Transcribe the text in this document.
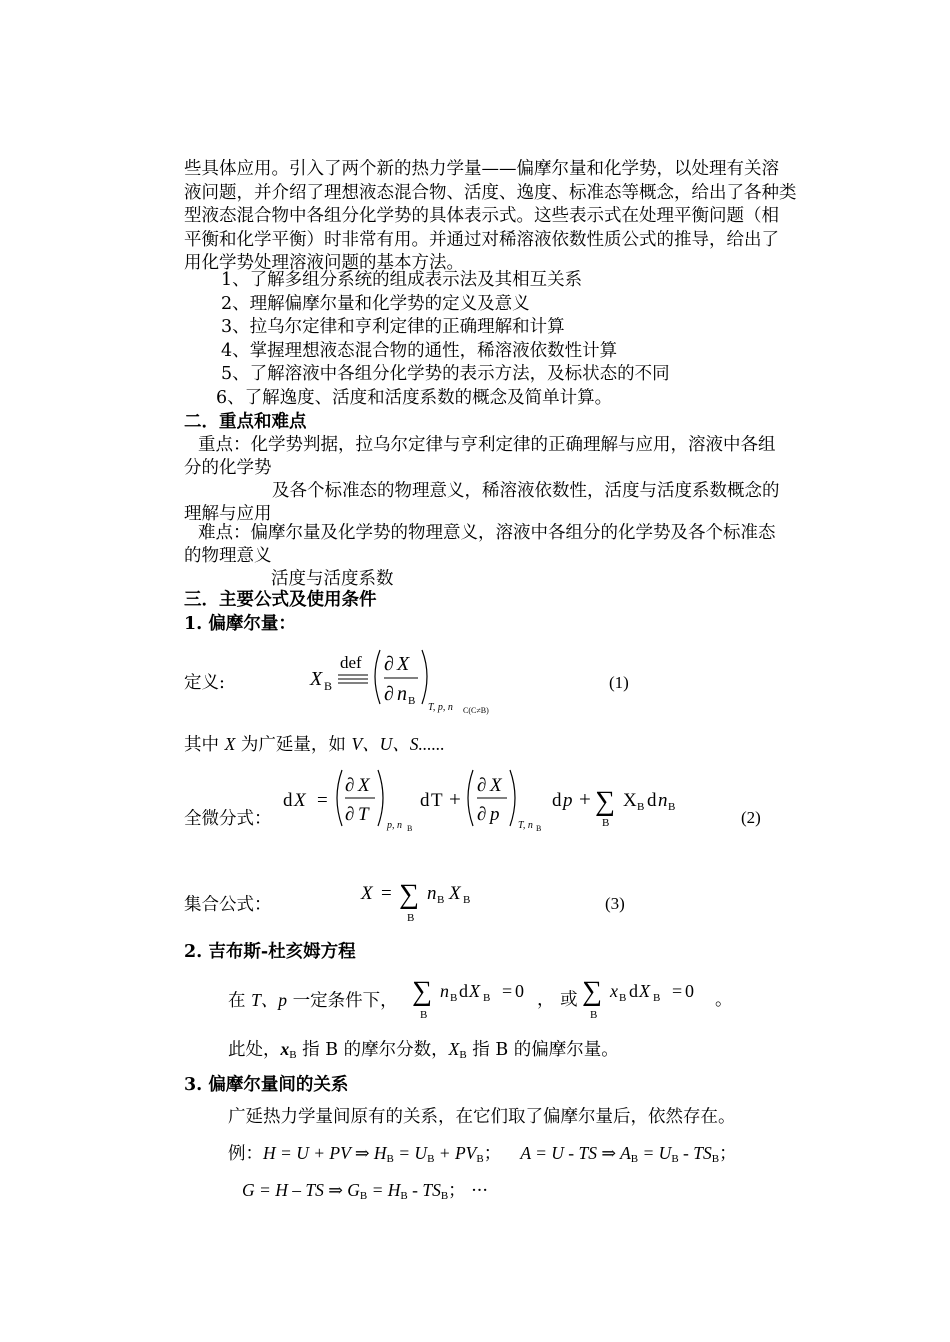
些具体应用。引入了两个新的热力学量——偏摩尔量和化学势，以处理有关溶
液问题，并介绍了理想液态混合物、活度、逸度、标准态等概念，给出了各种类
型液态混合物中各组分化学势的具体表示式。这些表示式在处理平衡问题（相
平衡和化学平衡）时非常有用。并通过对稀溶液依数性质公式的推导，给出了
用化学势处理溶液问题的基本方法。
1、了解多组分系统的组成表示法及其相互关系
2、理解偏摩尔量和化学势的定义及意义
3、拉乌尔定律和亨利定律的正确理解和计算
4、掌握理想液态混合物的通性，稀溶液依数性计算
5、了解溶液中各组分化学势的表示方法，及标状态的不同
6、了解逸度、活度和活度系数的概念及简单计算。
二．重点和难点
重点：化学势判据，拉乌尔定律与亨利定律的正确理解与应用，溶液中各组
分的化学势
及各个标准态的物理意义，稀溶液依数性，活度与活度系数概念的
理解与应用
难点：偏摩尔量及化学势的物理意义，溶液中各组分的化学势及各个标准态
的物理意义
活度与活度系数
三．主要公式及使用条件
1. 偏摩尔量：
定义:	X B
def ∂ X
∂ n B
T, p, n C(C≠B)
(1)
其中 X 为广延量，如 V、U、S......
全微分式：
d X =
∂ X
∂ T
p, n B
d T +
∂ X
∂ p
T, n B
d p + ∑
B
X B d n B
(2)
集合公式：
X = ∑
B
n B X B	(3)
2. 吉布斯-杜亥姆方程
在 T、p 一定条件下， ∑
B
n B d X B = 0 ， 或 ∑
B
x B d X B = 0 。
此处，$x_B$ 指 B 的摩尔分数，$X_B$ 指 B 的偏摩尔量。
3. 偏摩尔量间的关系
广延热力学量间原有的关系，在它们取了偏摩尔量后，依然存在。
例：H = U + PV ⇒ $H_B = U_B + PV_B$； A = U - TS ⇒ $A_B = U_B - TS_B$；
G = H – TS ⇒ $G_B = H_B - TS_B$； ···
